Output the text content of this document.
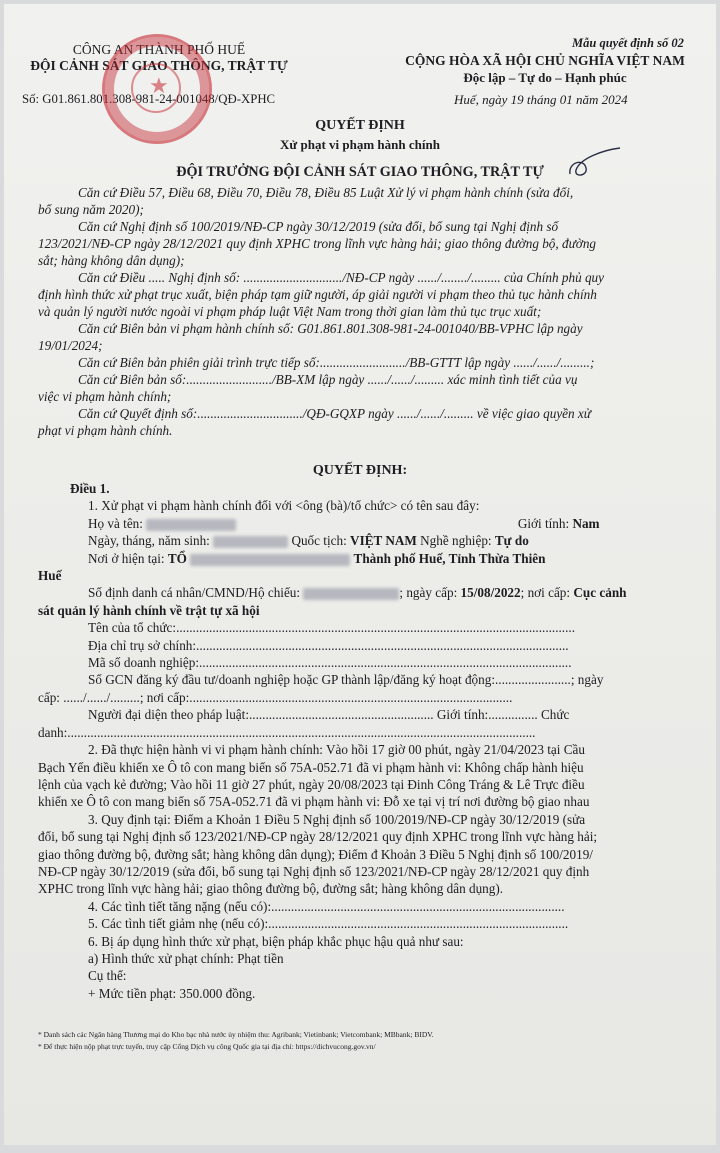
CÔNG AN THÀNH PHỐ HUẾ
ĐỘI CẢNH SÁT GIAO THÔNG, TRẬT TỰ
Số: G01.861.801.308-981-24-001048/QĐ-XPHC
★
Mẫu quyết định số 02
CỘNG HÒA XÃ HỘI CHỦ NGHĨA VIỆT NAM
Độc lập – Tự do – Hạnh phúc
Huế, ngày 19 tháng 01 năm 2024
QUYẾT ĐỊNH
Xử phạt vi phạm hành chính
ĐỘI TRƯỞNG ĐỘI CẢNH SÁT GIAO THÔNG, TRẬT TỰ
Căn cứ Điều 57, Điều 68, Điều 70, Điều 78, Điều 85 Luật Xử lý vi phạm hành chính (sửa đổi,
bổ sung năm 2020);
Căn cứ Nghị định số 100/2019/NĐ-CP ngày 30/12/2019 (sửa đổi, bổ sung tại Nghị định số
123/2021/NĐ-CP ngày 28/12/2021 quy định XPHC trong lĩnh vực hàng hải; giao thông đường bộ, đường
sắt; hàng không dân dụng);
Căn cứ Điều ..... Nghị định số: ............................../NĐ-CP ngày ....../......../......... của Chính phủ quy
định hình thức xử phạt trục xuất, biện pháp tạm giữ người, áp giải người vi phạm theo thủ tục hành chính
và quản lý người nước ngoài vi phạm pháp luật Việt Nam trong thời gian làm thủ tục trục xuất;
Căn cứ Biên bản vi phạm hành chính số: G01.861.801.308-981-24-001040/BB-VPHC lập ngày
19/01/2024;
Căn cứ Biên bản phiên giải trình trực tiếp số:........................../BB-GTTT lập ngày ....../....../.........;
Căn cứ Biên bản số:........................../BB-XM lập ngày ....../....../......... xác minh tình tiết của vụ
việc vi phạm hành chính;
Căn cứ Quyết định số:................................/QĐ-GQXP ngày ....../....../......... về việc giao quyền xử
phạt vi phạm hành chính.
QUYẾT ĐỊNH:
Điều 1.
1. Xử phạt vi phạm hành chính đối với <ông (bà)/tổ chức> có tên sau đây:
Họ và tên:	Giới tính: Nam
Ngày, tháng, năm sinh:	Quốc tịch: VIỆT NAM Nghề nghiệp: Tự do
Nơi ở hiện tại: TỔ	Thành phố Huế, Tỉnh Thừa Thiên
Huế
Số định danh cá nhân/CMND/Hộ chiếu:	; ngày cấp: 15/08/2022; nơi cấp: Cục cảnh
sát quản lý hành chính về trật tự xã hội
Tên của tổ chức:.........................................................................................................................
Địa chỉ trụ sở chính:.................................................................................................................
Mã số doanh nghiệp:.................................................................................................................
Số GCN đăng ký đầu tư/doanh nghiệp hoặc GP thành lập/đăng ký hoạt động:.......................; ngày
cấp: ....../....../.........; nơi cấp:..................................................................................................
Người đại diện theo pháp luật:........................................................ Giới tính:............... Chức
danh:..............................................................................................................................................
2. Đã thực hiện hành vi vi phạm hành chính: Vào hồi 17 giờ 00 phút, ngày 21/04/2023 tại Cầu
Bạch Yến điều khiển xe Ô tô con mang biển số 75A-052.71 đã vi phạm hành vi: Không chấp hành hiệu
lệnh của vạch kẻ đường; Vào hồi 11 giờ 27 phút, ngày 20/08/2023 tại Đinh Công Tráng & Lê Trực điều
khiển xe Ô tô con mang biển số 75A-052.71 đã vi phạm hành vi: Đỗ xe tại vị trí nơi đường bộ giao nhau
3. Quy định tại: Điểm a Khoản 1 Điều 5 Nghị định số 100/2019/NĐ-CP ngày 30/12/2019 (sửa
đổi, bổ sung tại Nghị định số 123/2021/NĐ-CP ngày 28/12/2021 quy định XPHC trong lĩnh vực hàng hải;
giao thông đường bộ, đường sắt; hàng không dân dụng); Điểm đ Khoản 3 Điều 5 Nghị định số 100/2019/
NĐ-CP ngày 30/12/2019 (sửa đổi, bổ sung tại Nghị định số 123/2021/NĐ-CP ngày 28/12/2021 quy định
XPHC trong lĩnh vực hàng hải; giao thông đường bộ, đường sắt; hàng không dân dụng).
4. Các tình tiết tăng nặng (nếu có):.........................................................................................
5. Các tình tiết giảm nhẹ (nếu có):...........................................................................................
6. Bị áp dụng hình thức xử phạt, biện pháp khắc phục hậu quả như sau:
a) Hình thức xử phạt chính: Phạt tiền
Cụ thể:
+ Mức tiền phạt: 350.000 đồng.
* Danh sách các Ngân hàng Thương mại do Kho bạc nhà nước ủy nhiệm thu: Agribank; Vietinbank; Vietcombank; MBbank; BIDV.
* Để thực hiện nộp phạt trực tuyến, truy cập Cổng Dịch vụ công Quốc gia tại địa chỉ: https://dichvucong.gov.vn/
